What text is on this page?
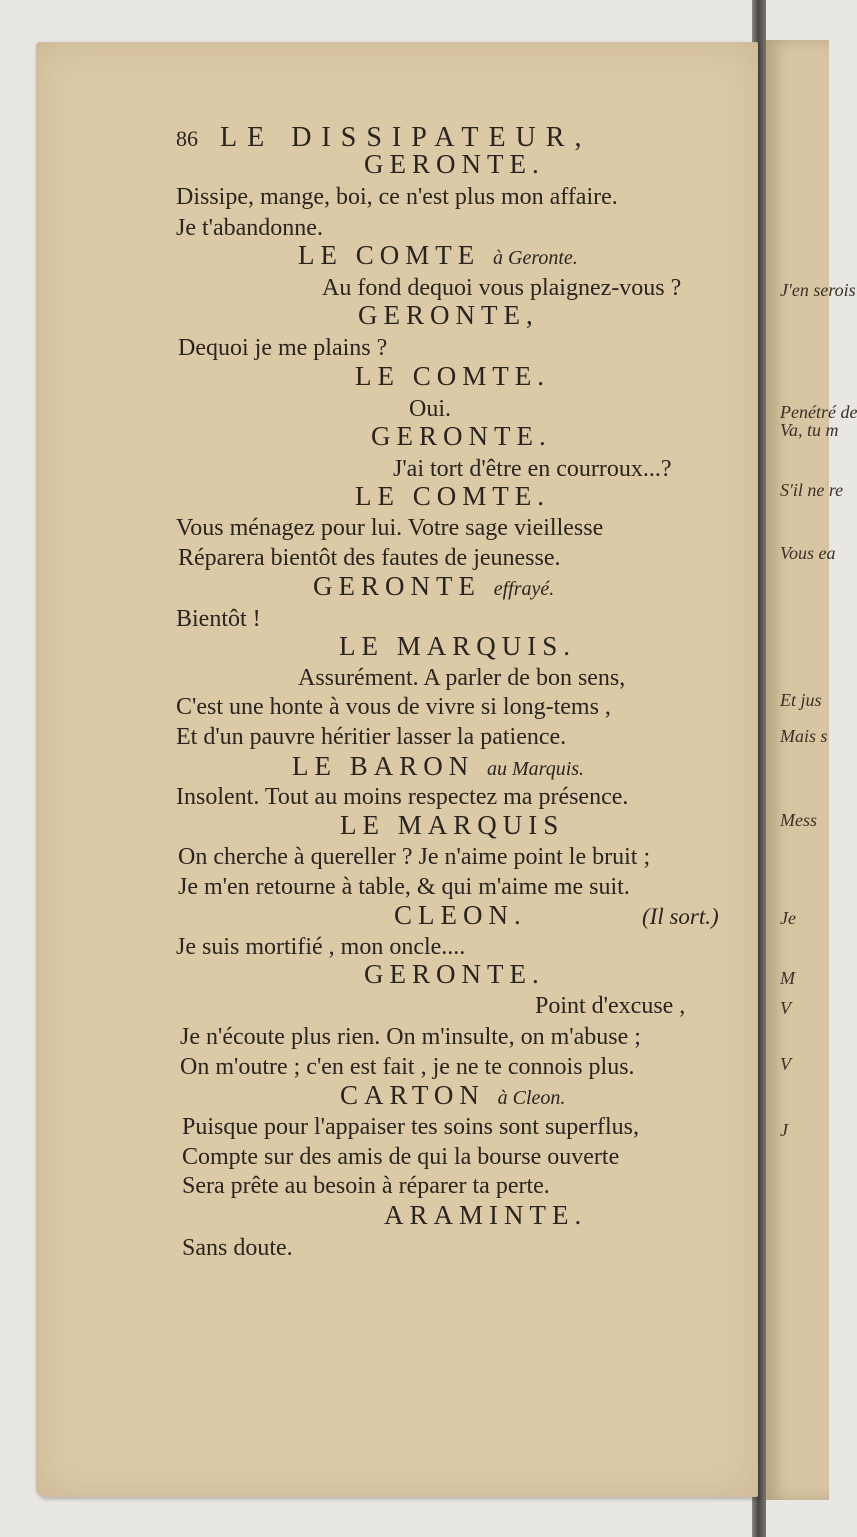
J'en serois
Penétré de
Va, tu m
S'il ne re
Vous ea
Et jus
Mais s
Mess
Je
M
V
V
J
86 LE DISSIPATEUR,
GERONTE.
Dissipe, mange, boi, ce n'est plus mon affaire.
Je t'abandonne.
LE COMTE à Geronte.
Au fond dequoi vous plaignez-vous ?
GERONTE,
Dequoi je me plains ?
LE COMTE.
Oui.
GERONTE.
J'ai tort d'être en courroux...?
LE COMTE.
Vous ménagez pour lui. Votre sage vieillesse
Réparera bientôt des fautes de jeunesse.
GERONTE effrayé.
Bientôt !
LE MARQUIS.
Assurément. A parler de bon sens,
C'est une honte à vous de vivre si long-tems ,
Et d'un pauvre héritier lasser la patience.
LE BARON au Marquis.
Insolent. Tout au moins respectez ma présence.
LE MARQUIS
On cherche à quereller ? Je n'aime point le bruit ;
Je m'en retourne à table, & qui m'aime me suit.
CLEON.	(Il sort.)
Je suis mortifié , mon oncle....
GERONTE.
Point d'excuse ,
Je n'écoute plus rien. On m'insulte, on m'abuse ;
On m'outre ; c'en est fait , je ne te connois plus.
CARTON à Cleon.
Puisque pour l'appaiser tes soins sont superflus,
Compte sur des amis de qui la bourse ouverte
Sera prête au besoin à réparer ta perte.
ARAMINTE.
Sans doute.
